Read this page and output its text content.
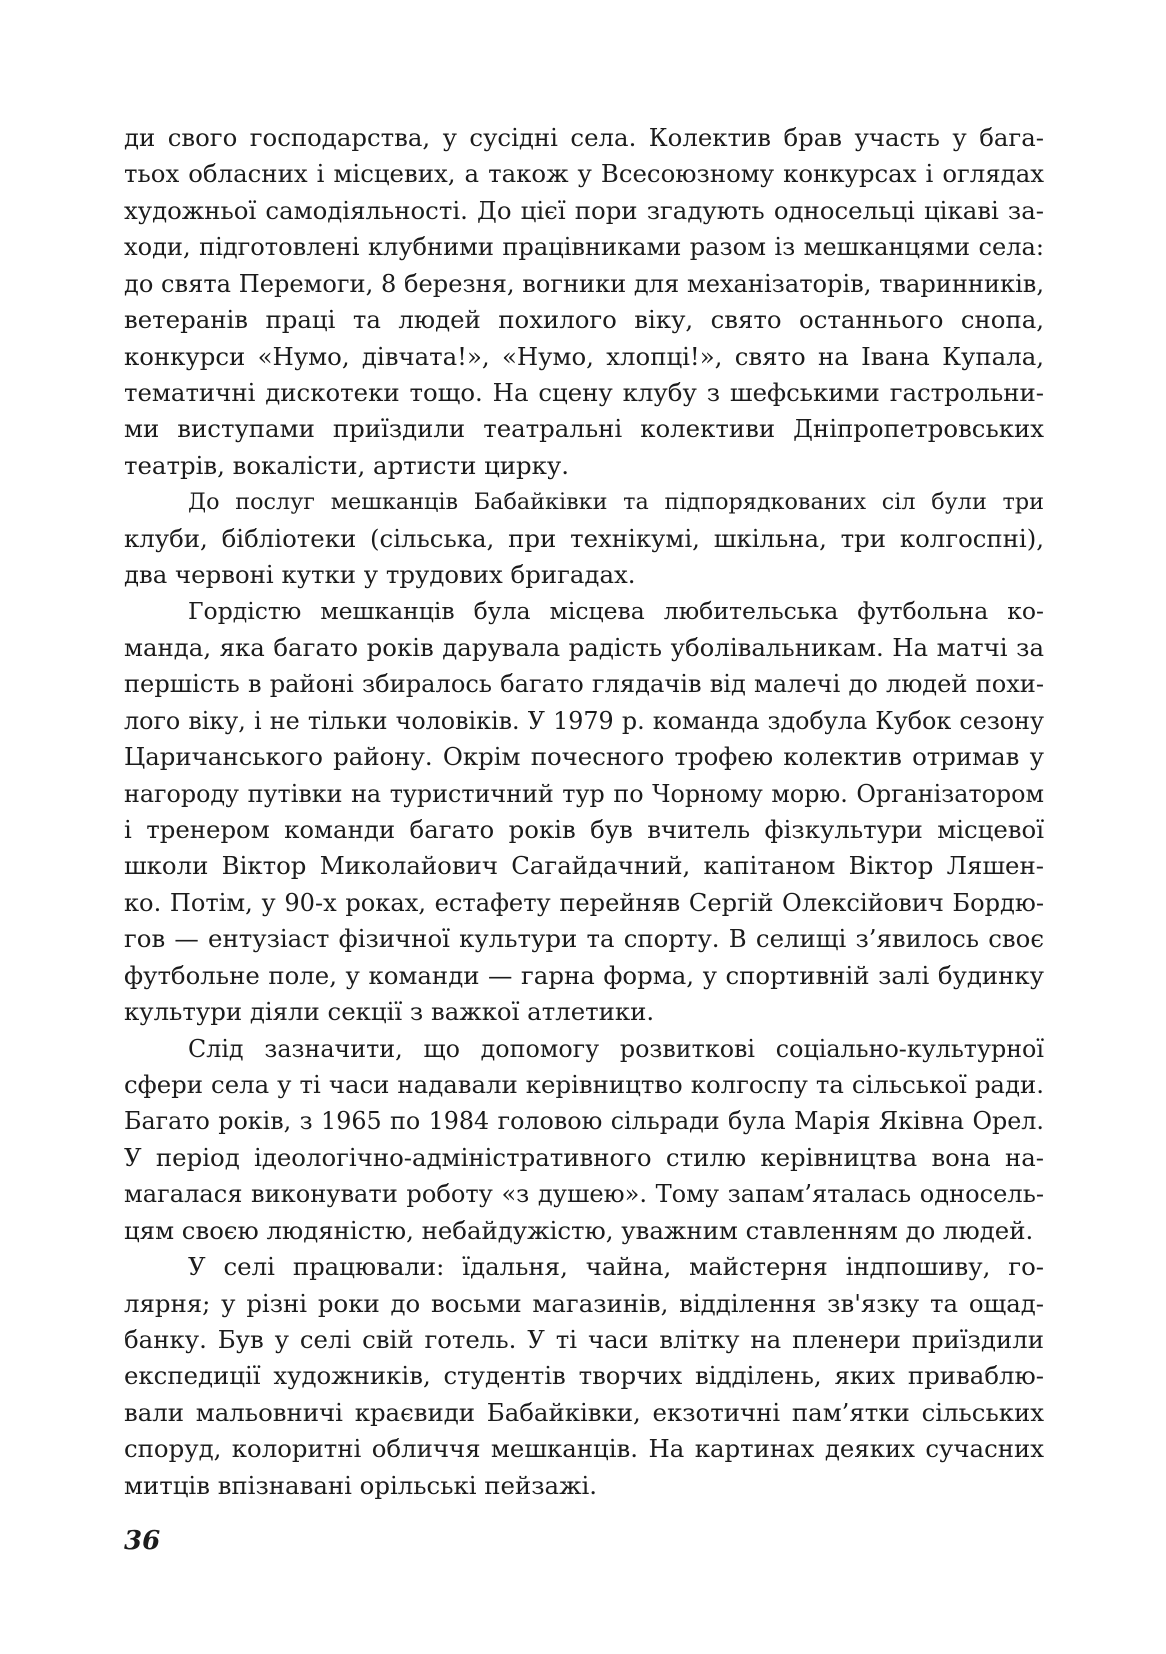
ди свого господарства, у сусідні села. Колектив брав участь у бага-
тьох обласних і місцевих, а також у Всесоюзному конкурсах і оглядах
художньої самодіяльності. До цієї пори згадують односельці цікаві за-
ходи, підготовлені клубними працівниками разом із мешканцями села:
до свята Перемоги, 8 березня, вогники для механізаторів, тваринників,
ветеранів праці та людей похилого віку, свято останнього снопа,
конкурси «Нумо, дівчата!», «Нумо, хлопці!», свято на Івана Купала,
тематичні дискотеки тощо. На сцену клубу з шефськими гастрольни-
ми виступами приїздили театральні колективи Дніпропетровських
театрів, вокалісти, артисти цирку.
До послуг мешканців Бабайківки та підпорядкованих сіл були три
клуби, бібліотеки (сільська, при технікумі, шкільна, три колгоспні),
два червоні кутки у трудових бригадах.
Гордістю мешканців була місцева любительська футбольна ко-
манда, яка багато років дарувала радість уболівальникам. На матчі за
першість в районі збиралось багато глядачів від малечі до людей похи-
лого віку, і не тільки чоловіків. У 1979 р. команда здобула Кубок сезону
Царичанського району. Окрім почесного трофею колектив отримав у
нагороду путівки на туристичний тур по Чорному морю. Організатором
і тренером команди багато років був вчитель фізкультури місцевої
школи Віктор Миколайович Сагайдачний, капітаном Віктор Ляшен-
ко. Потім, у 90-х роках, естафету перейняв Сергій Олексійович Бордю-
гов — ентузіаст фізичної культури та спорту. В селищі з’явилось своє
футбольне поле, у команди — гарна форма, у спортивній залі будинку
культури діяли секції з важкої атлетики.
Слід зазначити, що допомогу розвиткові соціально-культурної
сфери села у ті часи надавали керівництво колгоспу та сільської ради.
Багато років, з 1965 по 1984 головою сільради була Марія Яківна Орел.
У період ідеологічно-адміністративного стилю керівництва вона на-
магалася виконувати роботу «з душею». Тому запам’яталась односель-
цям своєю людяністю, небайдужістю, уважним ставленням до людей.
У селі працювали: їдальня, чайна, майстерня індпошиву, го-
лярня; у різні роки до восьми магазинів, відділення зв'язку та ощад-
банку. Був у селі свій готель. У ті часи влітку на пленери приїздили
експедиції художників, студентів творчих відділень, яких приваблю-
вали мальовничі краєвиди Бабайківки, екзотичні пам’ятки сільських
споруд, колоритні обличчя мешканців. На картинах деяких сучасних
митців впізнавані орільські пейзажі.
36
